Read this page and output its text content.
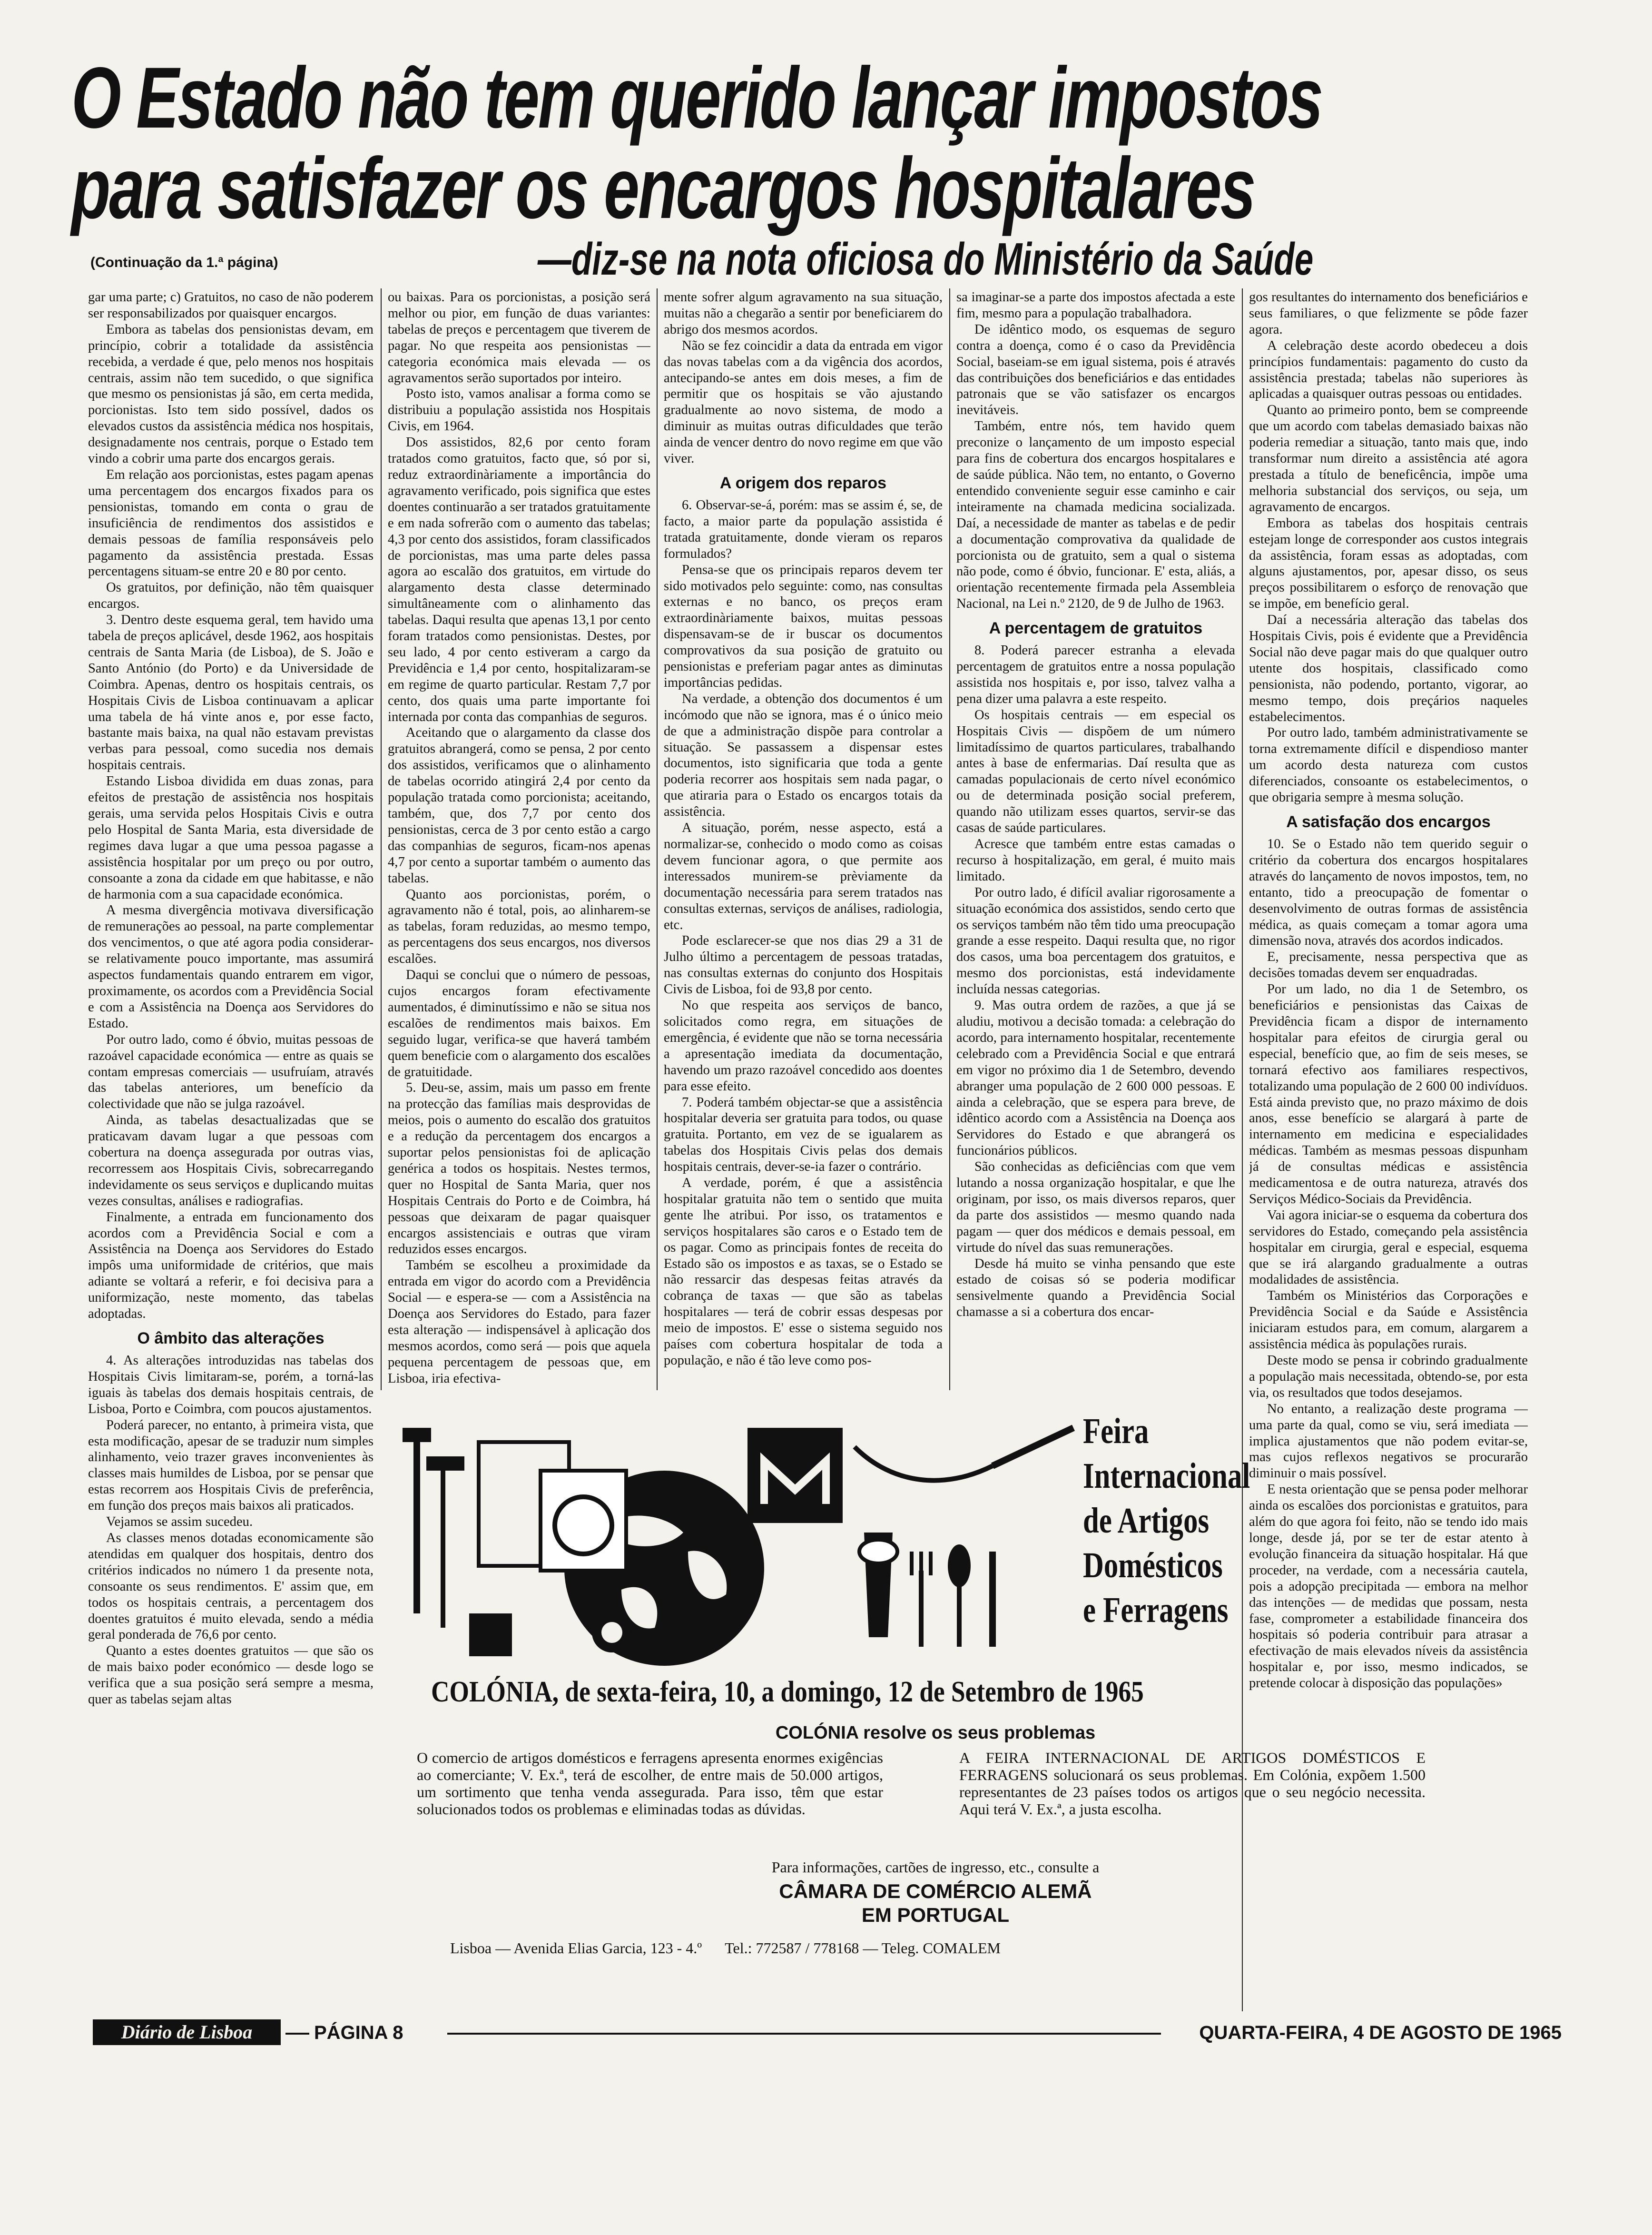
O Estado não tem querido lançar impostos
para satisfazer os encargos hospitalares
(Continuação da 1.ª página)	—diz-se na nota oficiosa do Ministério da Saúde

gar uma parte; c) Gratuitos, no caso de não poderem ser responsabilizados por quaisquer encargos.

Embora as tabelas dos pensionistas devam, em princípio, cobrir a totalidade da assistência recebida, a verdade é que, pelo menos nos hospitais centrais, assim não tem sucedido, o que significa que mesmo os pensionistas já são, em certa medida, porcionistas. Isto tem sido possível, dados os elevados custos da assistência médica nos hospitais, designadamente nos centrais, porque o Estado tem vindo a cobrir uma parte dos encargos gerais.

Em relação aos porcionistas, estes pagam apenas uma percentagem dos encargos fixados para os pensionistas, tomando em conta o grau de insuficiência de rendimentos dos assistidos e demais pessoas de família responsáveis pelo pagamento da assistência prestada. Essas percentagens situam-se entre 20 e 80 por cento.

Os gratuitos, por definição, não têm quaisquer encargos.

3. Dentro deste esquema geral, tem havido uma tabela de preços aplicável, desde 1962, aos hospitais centrais de Santa Maria (de Lisboa), de S. João e Santo António (do Porto) e da Universidade de Coimbra. Apenas, dentro os hospitais centrais, os Hospitais Civis de Lisboa continuavam a aplicar uma tabela de há vinte anos e, por esse facto, bastante mais baixa, na qual não estavam previstas verbas para pessoal, como sucedia nos demais hospitais centrais.

Estando Lisboa dividida em duas zonas, para efeitos de prestação de assistência nos hospitais gerais, uma servida pelos Hospitais Civis e outra pelo Hospital de Santa Maria, esta diversidade de regimes dava lugar a que uma pessoa pagasse a assistência hospitalar por um preço ou por outro, consoante a zona da cidade em que habitasse, e não de harmonia com a sua capacidade económica.

A mesma divergência motivava diversificação de remunerações ao pessoal, na parte complementar dos vencimentos, o que até agora podia considerar-se relativamente pouco importante, mas assumirá aspectos fundamentais quando entrarem em vigor, proximamente, os acordos com a Previdência Social e com a Assistência na Doença aos Servidores do Estado.

Por outro lado, como é óbvio, muitas pessoas de razoável capacidade económica — entre as quais se contam empresas comerciais — usufruíam, através das tabelas anteriores, um benefício da colectividade que não se julga razoável.

Ainda, as tabelas desactualizadas que se praticavam davam lugar a que pessoas com cobertura na doença assegurada por outras vias, recorressem aos Hospitais Civis, sobrecarregando indevidamente os seus serviços e duplicando muitas vezes consultas, análises e radiografias.

Finalmente, a entrada em funcionamento dos acordos com a Previdência Social e com a Assistência na Doença aos Servidores do Estado impôs uma uniformidade de critérios, que mais adiante se voltará a referir, e foi decisiva para a uniformização, neste momento, das tabelas adoptadas.

O âmbito das alterações

4. As alterações introduzidas nas tabelas dos Hospitais Civis limitaram-se, porém, a torná-las iguais às tabelas dos demais hospitais centrais, de Lisboa, Porto e Coimbra, com poucos ajustamentos.

Poderá parecer, no entanto, à primeira vista, que esta modificação, apesar de se traduzir num simples alinhamento, veio trazer graves inconvenientes às classes mais humildes de Lisboa, por se pensar que estas recorrem aos Hospitais Civis de preferência, em função dos preços mais baixos ali praticados.

Vejamos se assim sucedeu.

As classes menos dotadas economicamente são atendidas em qualquer dos hospitais, dentro dos critérios indicados no número 1 da presente nota, consoante os seus rendimentos. E' assim que, em todos os hospitais centrais, a percentagem dos doentes gratuitos é muito elevada, sendo a média geral ponderada de 76,6 por cento.

Quanto a estes doentes gratuitos — que são os de mais baixo poder económico — desde logo se verifica que a sua posição será sempre a mesma, quer as tabelas sejam altas

ou baixas. Para os porcionistas, a posição será melhor ou pior, em função de duas variantes: tabelas de preços e percentagem que tiverem de pagar. No que respeita aos pensionistas — categoria económica mais elevada — os agravamentos serão suportados por inteiro.

Posto isto, vamos analisar a forma como se distribuiu a população assistida nos Hospitais Civis, em 1964.

Dos assistidos, 82,6 por cento foram tratados como gratuitos, facto que, só por si, reduz extraordinàriamente a importância do agravamento verificado, pois significa que estes doentes continuarão a ser tratados gratuitamente e em nada sofrerão com o aumento das tabelas; 4,3 por cento dos assistidos, foram classificados de porcionistas, mas uma parte deles passa agora ao escalão dos gratuitos, em virtude do alargamento desta classe determinado simultâneamente com o alinhamento das tabelas. Daqui resulta que apenas 13,1 por cento foram tratados como pensionistas. Destes, por seu lado, 4 por cento estiveram a cargo da Previdência e 1,4 por cento, hospitalizaram-se em regime de quarto particular. Restam 7,7 por cento, dos quais uma parte importante foi internada por conta das companhias de seguros.

Aceitando que o alargamento da classe dos gratuitos abrangerá, como se pensa, 2 por cento dos assistidos, verificamos que o alinhamento de tabelas ocorrido atingirá 2,4 por cento da população tratada como porcionista; aceitando, também, que, dos 7,7 por cento dos pensionistas, cerca de 3 por cento estão a cargo das companhias de seguros, ficam-nos apenas 4,7 por cento a suportar também o aumento das tabelas.

Quanto aos porcionistas, porém, o agravamento não é total, pois, ao alinharem-se as tabelas, foram reduzidas, ao mesmo tempo, as percentagens dos seus encargos, nos diversos escalões.

Daqui se conclui que o número de pessoas, cujos encargos foram efectivamente aumentados, é diminutíssimo e não se situa nos escalões de rendimentos mais baixos. Em seguido lugar, verifica-se que haverá também quem beneficie com o alargamento dos escalões de gratuitidade.

5. Deu-se, assim, mais um passo em frente na protecção das famílias mais desprovidas de meios, pois o aumento do escalão dos gratuitos e a redução da percentagem dos encargos a suportar pelos pensionistas foi de aplicação genérica a todos os hospitais. Nestes termos, quer no Hospital de Santa Maria, quer nos Hospitais Centrais do Porto e de Coimbra, há pessoas que deixaram de pagar quaisquer encargos assistenciais e outras que viram reduzidos esses encargos.

Também se escolheu a proximidade da entrada em vigor do acordo com a Previdência Social — e espera-se — com a Assistência na Doença aos Servidores do Estado, para fazer esta alteração — indispensável à aplicação dos mesmos acordos, como será — pois que aquela pequena percentagem de pessoas que, em Lisboa, iria efectiva-

mente sofrer algum agravamento na sua situação, muitas não a chegarão a sentir por beneficiarem do abrigo dos mesmos acordos.

Não se fez coincidir a data da entrada em vigor das novas tabelas com a da vigência dos acordos, antecipando-se antes em dois meses, a fim de permitir que os hospitais se vão ajustando gradualmente ao novo sistema, de modo a diminuir as muitas outras dificuldades que terão ainda de vencer dentro do novo regime em que vão viver.

A origem dos reparos

6. Observar-se-á, porém: mas se assim é, se, de facto, a maior parte da população assistida é tratada gratuitamente, donde vieram os reparos formulados?

Pensa-se que os principais reparos devem ter sido motivados pelo seguinte: como, nas consultas externas e no banco, os preços eram extraordinàriamente baixos, muitas pessoas dispensavam-se de ir buscar os documentos comprovativos da sua posição de gratuito ou pensionistas e preferiam pagar antes as diminutas importâncias pedidas.

Na verdade, a obtenção dos documentos é um incómodo que não se ignora, mas é o único meio de que a administração dispõe para controlar a situação. Se passassem a dispensar estes documentos, isto significaria que toda a gente poderia recorrer aos hospitais sem nada pagar, o que atiraria para o Estado os encargos totais da assistência.

A situação, porém, nesse aspecto, está a normalizar-se, conhecido o modo como as coisas devem funcionar agora, o que permite aos interessados munirem-se prèviamente da documentação necessária para serem tratados nas consultas externas, serviços de análises, radiologia, etc.

Pode esclarecer-se que nos dias 29 a 31 de Julho último a percentagem de pessoas tratadas, nas consultas externas do conjunto dos Hospitais Civis de Lisboa, foi de 93,8 por cento.

No que respeita aos serviços de banco, solicitados como regra, em situações de emergência, é evidente que não se torna necessária a apresentação imediata da documentação, havendo um prazo razoável concedido aos doentes para esse efeito.

7. Poderá também objectar-se que a assistência hospitalar deveria ser gratuita para todos, ou quase gratuita. Portanto, em vez de se igualarem as tabelas dos Hospitais Civis pelas dos demais hospitais centrais, dever-se-ia fazer o contrário.

A verdade, porém, é que a assistência hospitalar gratuita não tem o sentido que muita gente lhe atribui. Por isso, os tratamentos e serviços hospitalares são caros e o Estado tem de os pagar. Como as principais fontes de receita do Estado são os impostos e as taxas, se o Estado se não ressarcir das despesas feitas através da cobrança de taxas — que são as tabelas hospitalares — terá de cobrir essas despesas por meio de impostos. E' esse o sistema seguido nos países com cobertura hospitalar de toda a população, e não é tão leve como pos-

sa imaginar-se a parte dos impostos afectada a este fim, mesmo para a população trabalhadora.

De idêntico modo, os esquemas de seguro contra a doença, como é o caso da Previdência Social, baseiam-se em igual sistema, pois é através das contribuições dos beneficiários e das entidades patronais que se vão satisfazer os encargos inevitáveis.

Também, entre nós, tem havido quem preconize o lançamento de um imposto especial para fins de cobertura dos encargos hospitalares e de saúde pública. Não tem, no entanto, o Governo entendido conveniente seguir esse caminho e cair inteiramente na chamada medicina socializada. Daí, a necessidade de manter as tabelas e de pedir a documentação comprovativa da qualidade de porcionista ou de gratuito, sem a qual o sistema não pode, como é óbvio, funcionar. E' esta, aliás, a orientação recentemente firmada pela Assembleia Nacional, na Lei n.º 2120, de 9 de Julho de 1963.

A percentagem de gratuitos

8. Poderá parecer estranha a elevada percentagem de gratuitos entre a nossa população assistida nos hospitais e, por isso, talvez valha a pena dizer uma palavra a este respeito.

Os hospitais centrais — em especial os Hospitais Civis — dispõem de um número limitadíssimo de quartos particulares, trabalhando antes à base de enfermarias. Daí resulta que as camadas populacionais de certo nível económico ou de determinada posição social preferem, quando não utilizam esses quartos, servir-se das casas de saúde particulares.

Acresce que também entre estas camadas o recurso à hospitalização, em geral, é muito mais limitado.

Por outro lado, é difícil avaliar rigorosamente a situação económica dos assistidos, sendo certo que os serviços também não têm tido uma preocupação grande a esse respeito. Daqui resulta que, no rigor dos casos, uma boa percentagem dos gratuitos, e mesmo dos porcionistas, está indevidamente incluída nessas categorias.

9. Mas outra ordem de razões, a que já se aludiu, motivou a decisão tomada: a celebração do acordo, para internamento hospitalar, recentemente celebrado com a Previdência Social e que entrará em vigor no próximo dia 1 de Setembro, devendo abranger uma população de 2 600 000 pessoas. E ainda a celebração, que se espera para breve, de idêntico acordo com a Assistência na Doença aos Servidores do Estado e que abrangerá os funcionários públicos.

São conhecidas as deficiências com que vem lutando a nossa organização hospitalar, e que lhe originam, por isso, os mais diversos reparos, quer da parte dos assistidos — mesmo quando nada pagam — quer dos médicos e demais pessoal, em virtude do nível das suas remunerações.

Desde há muito se vinha pensando que este estado de coisas só se poderia modificar sensivelmente quando a Previdência Social chamasse a si a cobertura dos encar-

gos resultantes do internamento dos beneficiários e seus familiares, o que felizmente se pôde fazer agora.

A celebração deste acordo obedeceu a dois princípios fundamentais: pagamento do custo da assistência prestada; tabelas não superiores às aplicadas a quaisquer outras pessoas ou entidades.

Quanto ao primeiro ponto, bem se compreende que um acordo com tabelas demasiado baixas não poderia remediar a situação, tanto mais que, indo transformar num direito a assistência até agora prestada a título de beneficência, impõe uma melhoria substancial dos serviços, ou seja, um agravamento de encargos.

Embora as tabelas dos hospitais centrais estejam longe de corresponder aos custos integrais da assistência, foram essas as adoptadas, com alguns ajustamentos, por, apesar disso, os seus preços possibilitarem o esforço de renovação que se impõe, em benefício geral.

Daí a necessária alteração das tabelas dos Hospitais Civis, pois é evidente que a Previdência Social não deve pagar mais do que qualquer outro utente dos hospitais, classificado como pensionista, não podendo, portanto, vigorar, ao mesmo tempo, dois preçários naqueles estabelecimentos.

Por outro lado, também administrativamente se torna extremamente difícil e dispendioso manter um acordo desta natureza com custos diferenciados, consoante os estabelecimentos, o que obrigaria sempre à mesma solução.

A satisfação dos encargos

10. Se o Estado não tem querido seguir o critério da cobertura dos encargos hospitalares através do lançamento de novos impostos, tem, no entanto, tido a preocupação de fomentar o desenvolvimento de outras formas de assistência médica, as quais começam a tomar agora uma dimensão nova, através dos acordos indicados.

E, precisamente, nessa perspectiva que as decisões tomadas devem ser enquadradas.

Por um lado, no dia 1 de Setembro, os beneficiários e pensionistas das Caixas de Previdência ficam a dispor de internamento hospitalar para efeitos de cirurgia geral ou especial, benefício que, ao fim de seis meses, se tornará efectivo aos familiares respectivos, totalizando uma população de 2 600 00 indivíduos. Está ainda previsto que, no prazo máximo de dois anos, esse benefício se alargará à parte de internamento em medicina e especialidades médicas. Também as mesmas pessoas dispunham já de consultas médicas e assistência medicamentosa e de outra natureza, através dos Serviços Médico-Sociais da Previdência.

Vai agora iniciar-se o esquema da cobertura dos servidores do Estado, começando pela assistência hospitalar em cirurgia, geral e especial, esquema que se irá alargando gradualmente a outras modalidades de assistência.

Também os Ministérios das Corporações e Previdência Social e da Saúde e Assistência iniciaram estudos para, em comum, alargarem a assistência médica às populações rurais.

Deste modo se pensa ir cobrindo gradualmente a população mais necessitada, obtendo-se, por esta via, os resultados que todos desejamos.

No entanto, a realização deste programa — uma parte da qual, como se viu, será imediata — implica ajustamentos que não podem evitar-se, mas cujos reflexos negativos se procurarão diminuir o mais possível.

E nesta orientação que se pensa poder melhorar ainda os escalões dos porcionistas e gratuitos, para além do que agora foi feito, não se tendo ido mais longe, desde já, por se ter de estar atento à evolução financeira da situação hospitalar. Há que proceder, na verdade, com a necessária cautela, pois a adopção precipitada — embora na melhor das intenções — de medidas que possam, nesta fase, comprometer a estabilidade financeira dos hospitais só poderia contribuir para atrasar a efectivação de mais elevados níveis da assistência hospitalar e, por isso, mesmo indicados, se pretende colocar à disposição das populações»

Feira
Internacional
de Artigos
Domésticos
e Ferragens
COLÓNIA, de sexta-feira, 10, a domingo, 12 de Setembro de 1965
COLÓNIA resolve os seus problemas
O comercio de artigos domésticos e ferragens apresenta enormes exigências ao comerciante; V. Ex.ª, terá de escolher, de entre mais de 50.000 artigos, um sortimento que tenha venda assegurada. Para isso, têm que estar solucionados todos os problemas e eliminadas todas as dúvidas.
A FEIRA INTERNACIONAL DE ARTIGOS DOMÉSTICOS E FERRAGENS solucionará os seus problemas. Em Colónia, expõem 1.500 representantes de 23 países todos os artigos que o seu negócio necessita. Aqui terá V. Ex.ª, a justa escolha.
Para informações, cartões de ingresso, etc., consulte a
CÂMARA DE COMÉRCIO ALEMÃ
EM PORTUGAL
Lisboa — Avenida Elias Garcia, 123 - 4.º Tel.: 772587 / 778168 — Teleg. COMALEM
Diário de Lisboa	PÁGINA 8	QUARTA-FEIRA, 4 DE AGOSTO DE 1965
